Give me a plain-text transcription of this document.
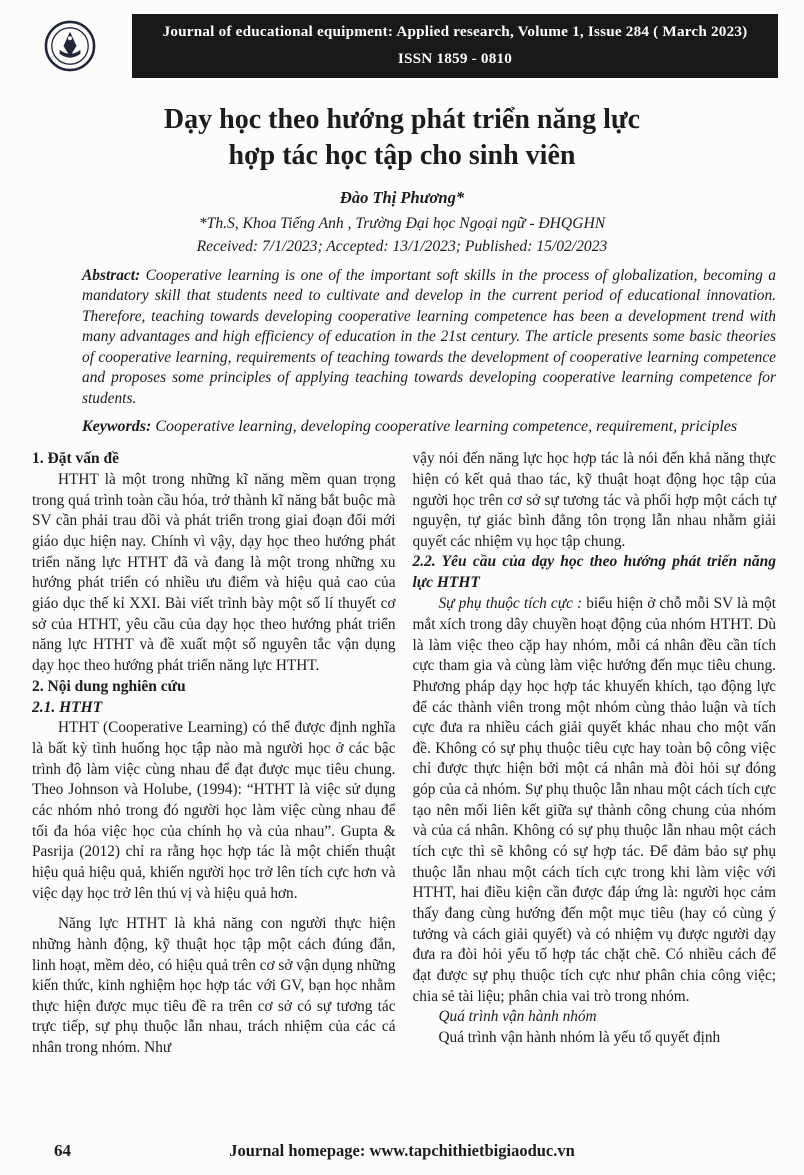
Journal of educational equipment: Applied research, Volume 1, Issue 284 ( March 2023)
ISSN 1859 - 0810
Dạy học theo hướng phát triển năng lực
hợp tác học tập cho sinh viên
Đào Thị Phương*
*Th.S, Khoa Tiếng Anh , Trường Đại học Ngoại ngữ - ĐHQGHN
Received: 7/1/2023; Accepted: 13/1/2023; Published: 15/02/2023

Abstract: Cooperative learning is one of the important soft skills in the process of globalization, becoming a mandatory skill that students need to cultivate and develop in the current period of educational innovation. Therefore, teaching towards developing cooperative learning competence has been a development trend with many advantages and high efficiency of education in the 21st century. The article presents some basic theories of cooperative learning, requirements of teaching towards the development of cooperative learning competence and proposes some principles of applying teaching towards developing cooperative learning competence for students.

Keywords: Cooperative learning, developing cooperative learning competence, requirement, priciples

1. Đặt vấn đề

HTHT là một trong những kĩ năng mềm quan trọng trong quá trình toàn cầu hóa, trở thành kĩ năng bắt buộc mà SV cần phải trau dồi và phát triển trong giai đoạn đổi mới giáo dục hiện nay. Chính vì vậy, dạy học theo hướng phát triển năng lực HTHT đã và đang là một trong những xu hướng phát triển có nhiều ưu điểm và hiệu quả cao của giáo dục thế kỉ XXI. Bài viết trình bày một số lí thuyết cơ sở của HTHT, yêu cầu của dạy học theo hướng phát triển năng lực HTHT và đề xuất một số nguyên tắc vận dụng dạy học theo hướng phát triển năng lực HTHT.

2. Nội dung nghiên cứu
2.1. HTHT

HTHT (Cooperative Learning) có thể được định nghĩa là bất kỳ tình huống học tập nào mà người học ở các bậc trình độ làm việc cùng nhau để đạt được mục tiêu chung. Theo Johnson và Holube, (1994): “HTHT là việc sử dụng các nhóm nhỏ trong đó người học làm việc cùng nhau để tối đa hóa việc học của chính họ và của nhau”. Gupta & Pasrija (2012) chỉ ra rằng học hợp tác là một chiến thuật hiệu quả hiệu quả, khiến người học trở lên tích cực hơn và việc dạy học trở lên thú vị và hiệu quả hơn.

Năng lực HTHT là khả năng con người thực hiện những hành động, kỹ thuật học tập một cách đúng đắn, linh hoạt, mềm dẻo, có hiệu quả trên cơ sở vận dụng những kiến thức, kinh nghiệm học hợp tác với GV, bạn học nhằm thực hiện được mục tiêu đề ra trên cơ sở có sự tương tác trực tiếp, sự phụ thuộc lẫn nhau, trách nhiệm của các cá nhân trong nhóm. Như

vậy nói đến năng lực học hợp tác là nói đến khả năng thực hiện có kết quả thao tác, kỹ thuật hoạt động học tập của người học trên cơ sở sự tương tác và phối hợp một cách tự nguyện, tự giác bình đẳng tôn trọng lẫn nhau nhằm giải quyết các nhiệm vụ học tập chung.

2.2. Yêu cầu của dạy học theo hướng phát triển năng lực HTHT

Sự phụ thuộc tích cực : biểu hiện ở chỗ mỗi SV là một mắt xích trong dây chuyền hoạt động của nhóm HTHT. Dù là làm việc theo cặp hay nhóm, mỗi cá nhân đều cần tích cực tham gia và cùng làm việc hướng đến mục tiêu chung. Phương pháp dạy học hợp tác khuyến khích, tạo động lực để các thành viên trong một nhóm cùng thảo luận và tích cực đưa ra nhiều cách giải quyết khác nhau cho một vấn đề. Không có sự phụ thuộc tiêu cực hay toàn bộ công việc chỉ được thực hiện bởi một cá nhân mà đòi hỏi sự đóng góp của cả nhóm. Sự phụ thuộc lẫn nhau một cách tích cực tạo nên mối liên kết giữa sự thành công chung của nhóm và của cá nhân. Không có sự phụ thuộc lẫn nhau một cách tích cực thì sẽ không có sự hợp tác. Để đảm bảo sự phụ thuộc lẫn nhau một cách tích cực trong khi làm việc với HTHT, hai điều kiện cần được đáp ứng là: người học cảm thấy đang cùng hướng đến một mục tiêu (hay có cùng ý tưởng và cách giải quyết) và có nhiệm vụ được người dạy đưa ra đòi hỏi yếu tố hợp tác chặt chẽ. Có nhiều cách để đạt được sự phụ thuộc tích cực như phân chia công việc; chia sẻ tài liệu; phân chia vai trò trong nhóm.

Quá trình vận hành nhóm

Quá trình vận hành nhóm là yếu tố quyết định

64	Journal homepage: www.tapchithietbigiaoduc.vn
